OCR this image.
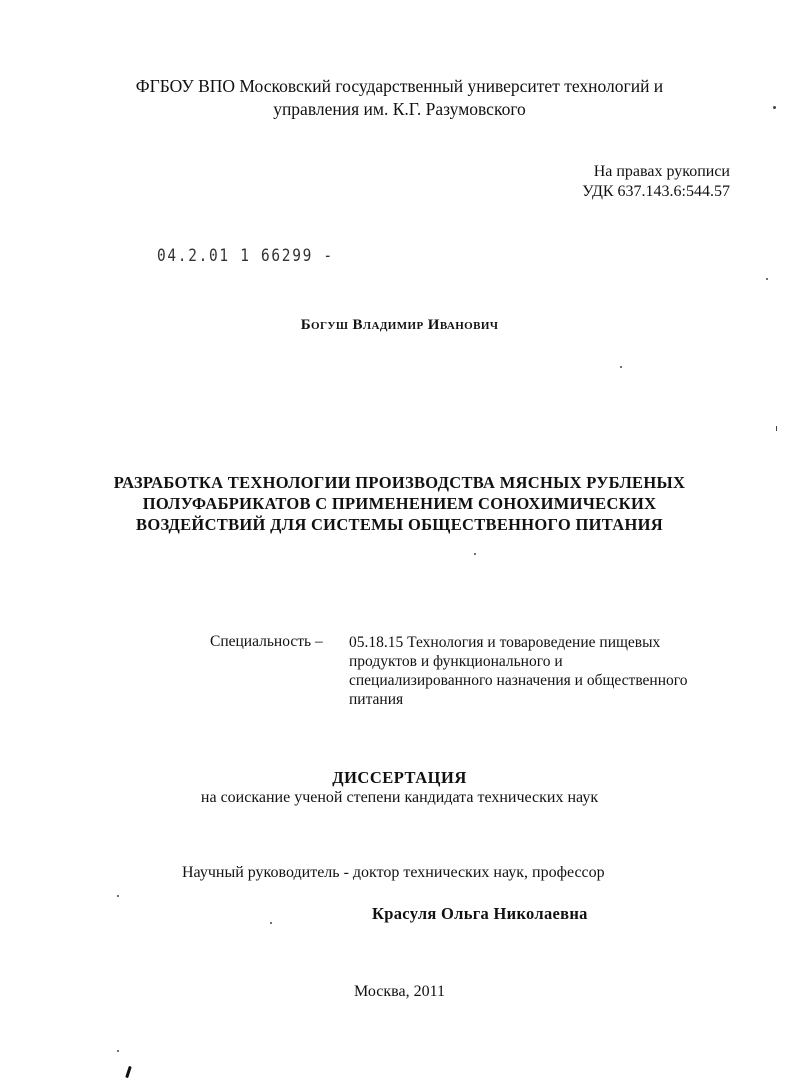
ФГБОУ ВПО Московский государственный университет технологий и
управления им. К.Г. Разумовского
На правах рукописи
УДК 637.143.6:544.57
04.2.01 1 66299 -
Богуш Владимир Иванович
РАЗРАБОТКА ТЕХНОЛОГИИ ПРОИЗВОДСТВА МЯСНЫХ РУБЛЕНЫХ
ПОЛУФАБРИКАТОВ С ПРИМЕНЕНИЕМ СОНОХИМИЧЕСКИХ
ВОЗДЕЙСТВИЙ ДЛЯ СИСТЕМЫ ОБЩЕСТВЕННОГО ПИТАНИЯ
Специальность – 05.18.15 Технология и товароведение пищевых
продуктов и функционального и
специализированного назначения и общественного
питания
ДИССЕРТАЦИЯ
на соискание ученой степени кандидата технических наук
Научный руководитель - доктор технических наук, профессор
Красуля Ольга Николаевна
Москва, 2011
